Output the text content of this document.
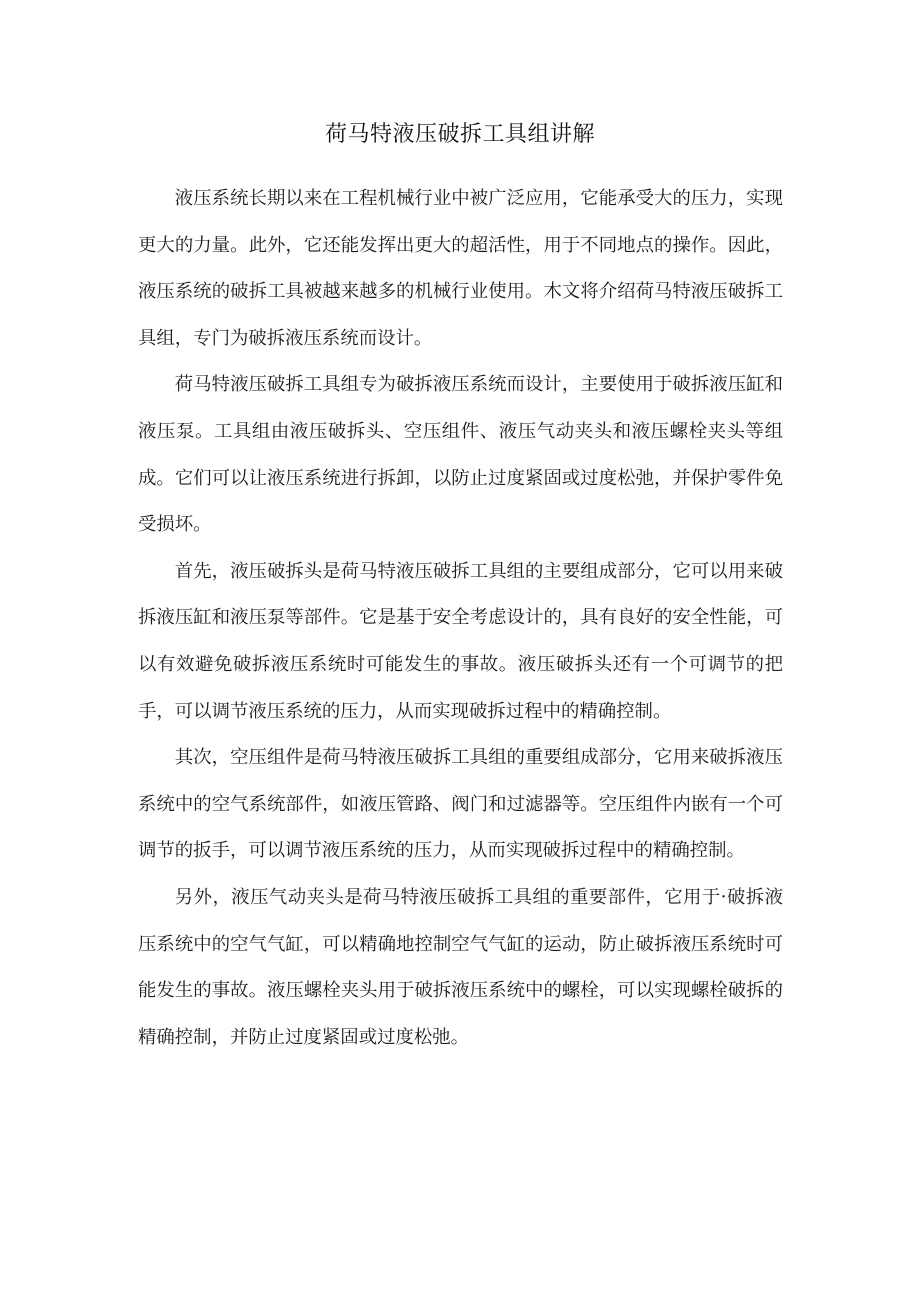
荷马特液压破拆工具组讲解

液压系统长期以来在工程机械行业中被广泛应用，它能承受大的压力，实现更大的力量。此外，它还能发挥出更大的超活性，用于不同地点的操作。因此，液压系统的破拆工具被越来越多的机械行业使用。木文将介绍荷马特液压破拆工具组，专门为破拆液压系统而设计。

荷马特液压破拆工具组专为破拆液压系统而设计，主要使用于破拆液压缸和液压泵。工具组由液压破拆头、空压组件、液压气动夹头和液压螺栓夹头等组成。它们可以让液压系统进行拆卸，以防止过度紧固或过度松弛，并保护零件免受损坏。

首先，液压破拆头是荷马特液压破拆工具组的主要组成部分，它可以用来破拆液压缸和液压泵等部件。它是基于安全考虑设计的，具有良好的安全性能，可以有效避免破拆液压系统时可能发生的事故。液压破拆头还有一个可调节的把手，可以调节液压系统的压力，从而实现破拆过程中的精确控制。

其次，空压组件是荷马特液压破拆工具组的重要组成部分，它用来破拆液压系统中的空气系统部件，如液压管路、阀门和过滤器等。空压组件内嵌有一个可调节的扳手，可以调节液压系统的压力，从而实现破拆过程中的精确控制。

另外，液压气动夹头是荷马特液压破拆工具组的重要部件，它用于·破拆液压系统中的空气气缸，可以精确地控制空气气缸的运动，防止破拆液压系统时可能发生的事故。液压螺栓夹头用于破拆液压系统中的螺栓，可以实现螺栓破拆的精确控制，并防止过度紧固或过度松弛。
